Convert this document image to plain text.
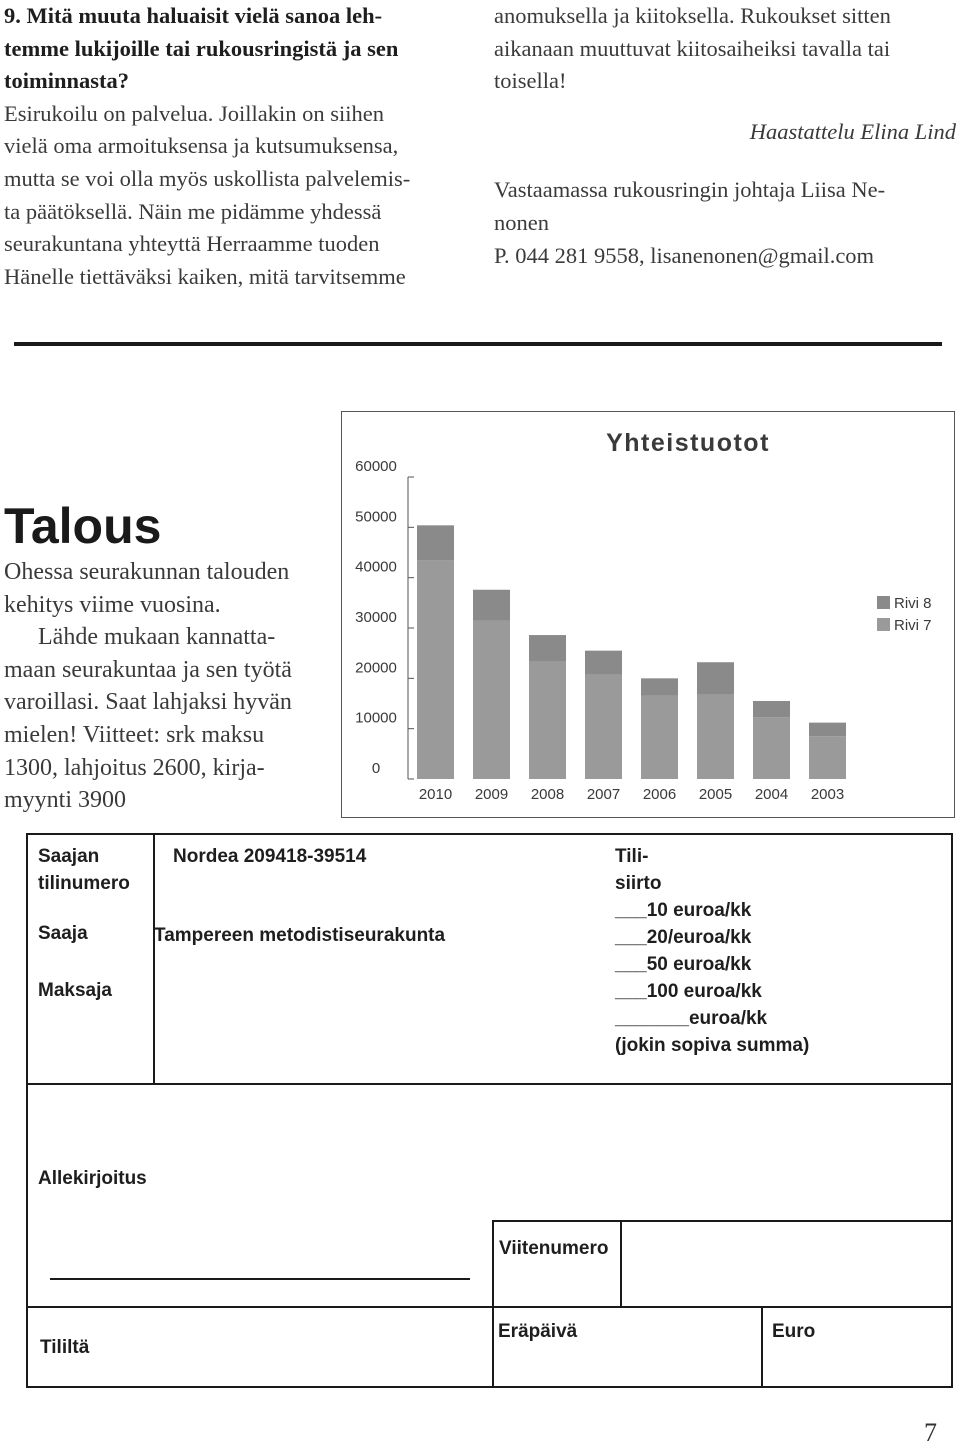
9. Mitä muuta haluaisit vielä sanoa leh-

temme lukijoille tai rukousringistä ja sen

toiminnasta?

Esirukoilu on palvelua. Joillakin on siihen

vielä oma armoituksensa ja kutsumuksensa,

mutta se voi olla myös uskollista palvelemis-

ta päätöksellä. Näin me pidämme yhdessä

seurakuntana yhteyttä Herraamme tuoden

Hänelle tiettäväksi kaiken, mitä tarvitsemme

anomuksella ja kiitoksella. Rukoukset sitten

aikanaan muuttuvat kiitosaiheiksi tavalla tai

toisella!

Haastattelu Elina Lind

Vastaamassa rukousringin johtaja Liisa Ne-

nonen

P. 044 281 9558, lisanenonen@gmail.com

Talous

Ohessa seurakunnan talouden

kehitys viime vuosina.

Lähde mukaan kannatta-

maan seurakuntaa ja sen työtä

varoillasi. Saat lahjaksi hyvän

mielen! Viitteet: srk maksu

1300, lahjoitus 2600, kirja-

myynti 3900

Yhteistuotot
0
10000
20000
30000
40000
50000
60000
2010 2009 2008 2007 2006 2005 2004 2003
Rivi 8
Rivi 7
Saajan
tilinumero
Nordea 209418-39514
Saaja	Tampereen metodistiseurakunta
Maksaja
Tili-
siirto
___10 euroa/kk
___20/euroa/kk
___50 euroa/kk
___100 euroa/kk
_______euroa/kk
(jokin sopiva summa)
Allekirjoitus
Viitenumero
Tililtä
Eräpäivä	Euro
7
